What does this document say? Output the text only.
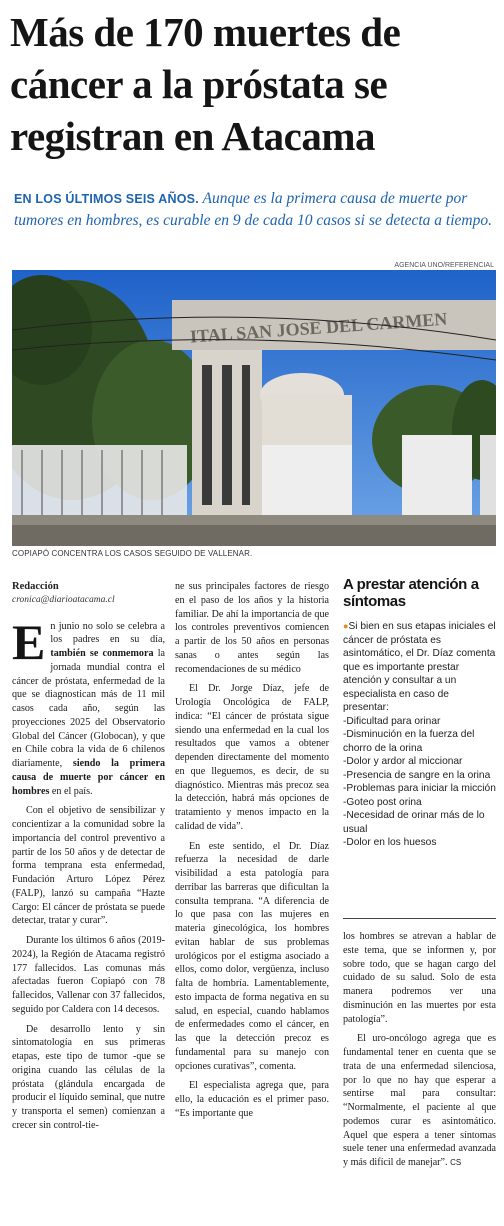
Más de 170 muertes de cáncer a la próstata se registran en Atacama
EN LOS ÚLTIMOS SEIS AÑOS. Aunque es la primera causa de muerte por tumores en hombres, es curable en 9 de cada 10 casos si se detecta a tiempo.
AGENCIA UNO/REFERENCIAL
ITAL SAN JOSE DEL CARMEN
COPIAPÓ CONCENTRA LOS CASOS SEGUIDO DE VALLENAR.
Redacción
cronica@diarioatacama.cl

En junio no solo se celebra a los padres en su día, también se conmemora la jornada mundial contra el cáncer de próstata, enfermedad de la que se diagnostican más de 11 mil casos cada año, según las proyecciones 2025 del Observatorio Global del Cáncer (Globocan), y que en Chile cobra la vida de 6 chilenos diariamente, siendo la primera causa de muerte por cáncer en hombres en el país.

Con el objetivo de sensibilizar y concientizar a la comunidad sobre la importancia del control preventivo a partir de los 50 años y de detectar de forma temprana esta enfermedad, Fundación Arturo López Pérez (FALP), lanzó su campaña “Hazte Cargo: El cáncer de próstata se puede detectar, tratar y curar”.

Durante los últimos 6 años (2019-2024), la Región de Atacama registró 177 fallecidos. Las comunas más afectadas fueron Copiapó con 78 fallecidos, Vallenar con 37 fallecidos, seguido por Caldera con 14 decesos.

De desarrollo lento y sin sintomatología en sus primeras etapas, este tipo de tumor -que se origina cuando las células de la próstata (glándula encargada de producir el líquido seminal, que nutre y transporta el semen) comienzan a crecer sin control-tie-

ne sus principales factores de riesgo en el paso de los años y la historia familiar. De ahí la importancia de que los controles preventivos comiencen a partir de los 50 años en personas sanas o antes según las recomendaciones de su médico

El Dr. Jorge Díaz, jefe de Urología Oncológica de FALP, indica: “El cáncer de próstata sigue siendo una enfermedad en la cual los resultados que vamos a obtener dependen directamente del momento en que lleguemos, es decir, de su diagnóstico. Mientras más precoz sea la detección, habrá más opciones de tratamiento y menos impacto en la calidad de vida”.

En este sentido, el Dr. Díaz refuerza la necesidad de darle visibilidad a esta patología para derribar las barreras que dificultan la consulta temprana. “A diferencia de lo que pasa con las mujeres en materia ginecológica, los hombres evitan hablar de sus problemas urológicos por el estigma asociado a ellos, como dolor, vergüenza, incluso falta de hombría. Lamentablemente, esto impacta de forma negativa en su salud, en especial, cuando hablamos de enfermedades como el cáncer, en las que la detección precoz es fundamental para su manejo con opciones curativas”, comenta.

El especialista agrega que, para ello, la educación es el primer paso. “Es importante que

A prestar atención a síntomas
●Si bien en sus etapas iniciales el cáncer de próstata es asintomático, el Dr. Díaz comenta que es importante prestar atención y consultar a un especialista en caso de presentar:
-Dificultad para orinar
-Disminución en la fuerza del chorro de la orina
-Dolor y ardor al miccionar
-Presencia de sangre en la orina
-Problemas para iniciar la micción
-Goteo post orina
-Necesidad de orinar más de lo usual
-Dolor en los huesos

los hombres se atrevan a hablar de este tema, que se informen y, por sobre todo, que se hagan cargo del cuidado de su salud. Solo de esta manera podremos ver una disminución en las muertes por esta patología”.

El uro-oncólogo agrega que es fundamental tener en cuenta que se trata de una enfermedad silenciosa, por lo que no hay que esperar a sentirse mal para consultar: “Normalmente, el paciente al que podemos curar es asintomático. Aquel que espera a tener síntomas suele tener una enfermedad avanzada y más difícil de manejar”. CS
